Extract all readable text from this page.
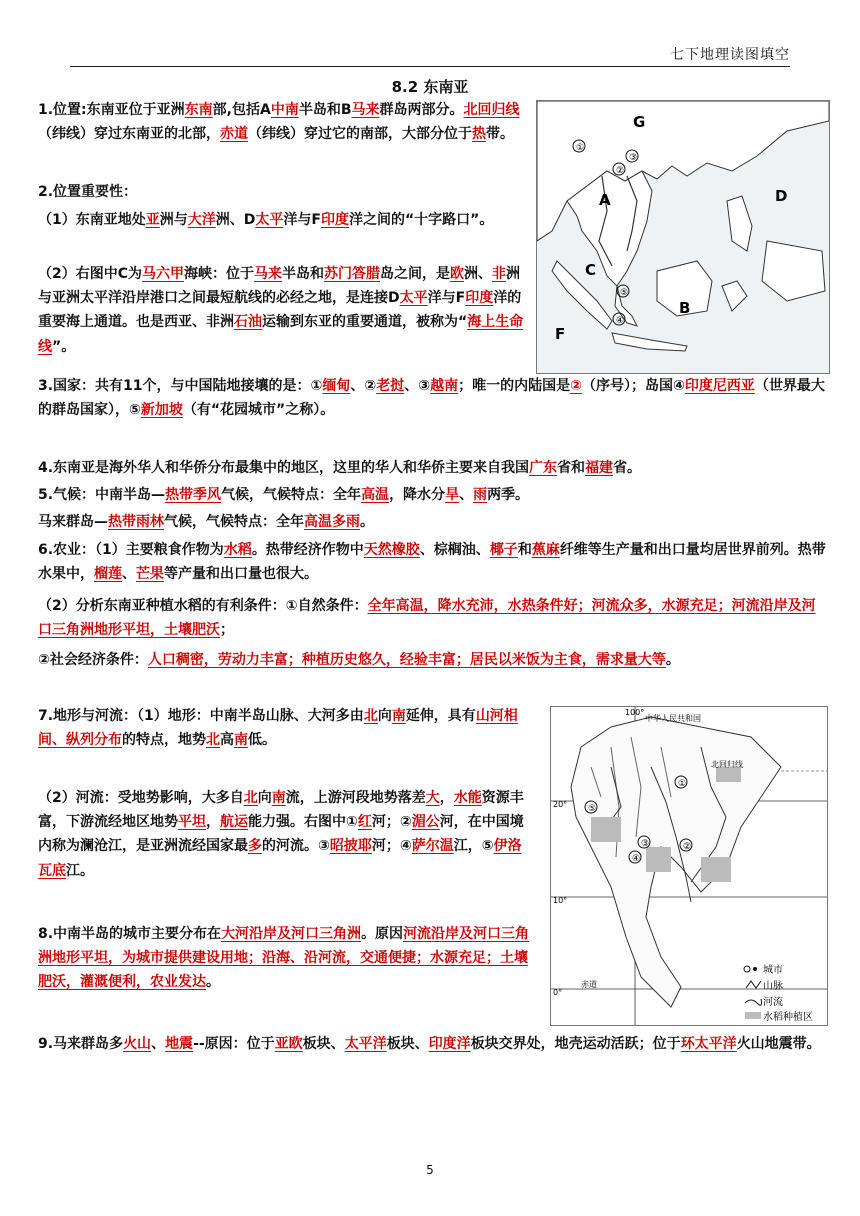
七下地理读图填空
8.2 东南亚
1.位置:东南亚位于亚洲东南部,包括A中南半岛和B马来群岛两部分。北回归线（纬线）穿过东南亚的北部，赤道（纬线）穿过它的南部，大部分位于热带。
2.位置重要性：
（1）东南亚地处亚洲与大洋洲、D太平洋与F印度洋之间的“十字路口”。
（2）右图中C为马六甲海峡：位于马来半岛和苏门答腊岛之间，是欧洲、非洲与亚洲太平洋沿岸港口之间最短航线的必经之地，是连接D太平洋与F印度洋的重要海上通道。也是西亚、非洲石油运输到东亚的重要通道，被称为“海上生命线”。
①
②
③
④
⑤
G
A
B
C
D
F
3.国家：共有11个，与中国陆地接壤的是：①缅甸、②老挝、③越南；唯一的内陆国是②（序号）；岛国④印度尼西亚（世界最大的群岛国家），⑤新加坡（有“花园城市”之称）。
4.东南亚是海外华人和华侨分布最集中的地区，这里的华人和华侨主要来自我国广东省和福建省。
5.气候：中南半岛—热带季风气候，气候特点：全年高温，降水分旱、雨两季。
马来群岛—热带雨林气候，气候特点：全年高温多雨。
6.农业：（1）主要粮食作物为水稻。热带经济作物中天然橡胶、棕榈油、椰子和蕉麻纤维等生产量和出口量均居世界前列。热带水果中，榴莲、芒果等产量和出口量也很大。
（2）分析东南亚种植水稻的有利条件：①自然条件：全年高温，降水充沛，水热条件好；河流众多，水源充足；河流沿岸及河口三角洲地形平坦，土壤肥沃；
②社会经济条件：人口稠密，劳动力丰富；种植历史悠久，经验丰富；居民以米饭为主食，需求量大等。
7.地形与河流：（1）地形：中南半岛山脉、大河多由北向南延伸，具有山河相间、纵列分布的特点，地势北高南低。
（2）河流：受地势影响，大多自北向南流，上游河段地势落差大，水能资源丰富，下游流经地区地势平坦，航运能力强。右图中①红河；②湄公河，在中国境内称为澜沧江，是亚洲流经国家最多的河流。③昭披耶河；④萨尔温江，⑤伊洛瓦底江。
8.中南半岛的城市主要分布在大河沿岸及河口三角洲。原因河流沿岸及河口三角洲地形平坦，为城市提供建设用地；沿海、沿河流，交通便捷；水源充足；土壤肥沃，灌溉便利，农业发达。
9.马来群岛多火山、地震--原因：位于亚欧板块、太平洋板块、印度洋板块交界处，地壳运动活跃；位于环太平洋火山地震带。
①
②
③
④
⑤
100°
20°
10°
0°
中华人民共和国
北回归线
赤道
城市
山脉
河流
水稻种植区
5
